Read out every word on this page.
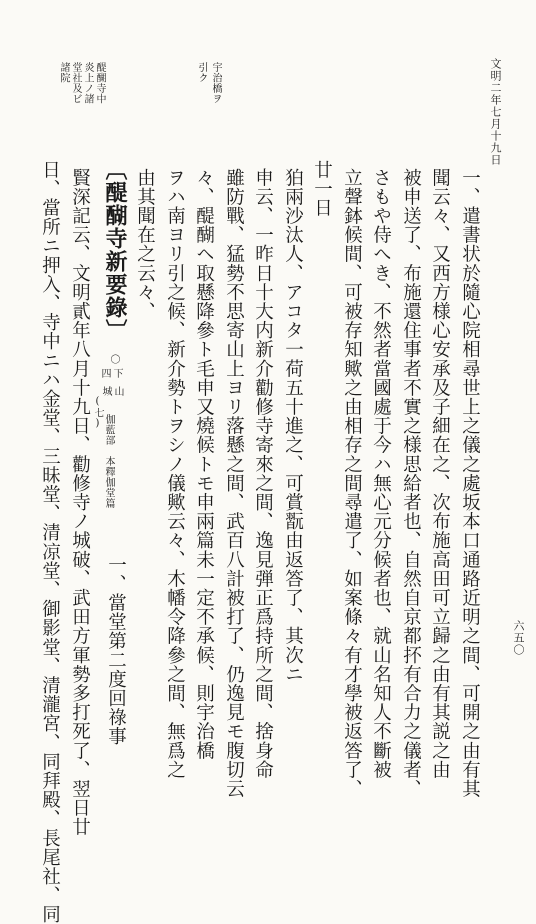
文明二年七月十九日
六五〇
一、遣書状於隨心院相尋世上之儀之處坂本口通路近明之間、可開之由有其
聞云々、又西方様心安承及子細在之、次布施高田可立歸之由有其説之由
被申送了、布施還住事者不實之様思給者也、自然自京都抔有合力之儀者、
さもや侍へき、不然者當國處于今ハ無心元分候者也、就山名知人不斷被
立聲鉢候間、可被存知歟之由相存之間尋遣了、如案條々有才學被返答了、
廿一日
狛兩沙汰人、アコタ一荷五十進之、可賞翫由返答了、其次ニ
申云、一昨日十大内新介勸修寺寄來之間、逸見弾正爲持所之間、捨身命
雖防戰、猛勢不思寄山上ヨリ落懸之間、武百八計被打了、仍逸見モ腹切云
々、醍醐ヘ取懸降參ト毛申又燒候トモ申兩篇未一定不承候、則宇治橋
ヲハ南ヨリ引之候、新介勢トヲシノ儀歟云々、木幡令降參之間、無爲之
由其聞在之云々、
〔醍醐寺新要錄〕
下
四
山
城
(七)
伽藍部　本釋伽堂篇
一、當堂第二度回祿事
〇
賢深記云、文明貳年八月十九日、勸修寺ノ城破、武田方軍勢多打死了、翌日廿
日、當所ニ押入、寺中ニハ金堂、三昧堂、清凉堂、御影堂、清瀧宮、同拜殿、長尾社、同
宇治橋ヲ
引ク
醍醐寺中
炎上ノ諸
堂社及ビ
諸院
